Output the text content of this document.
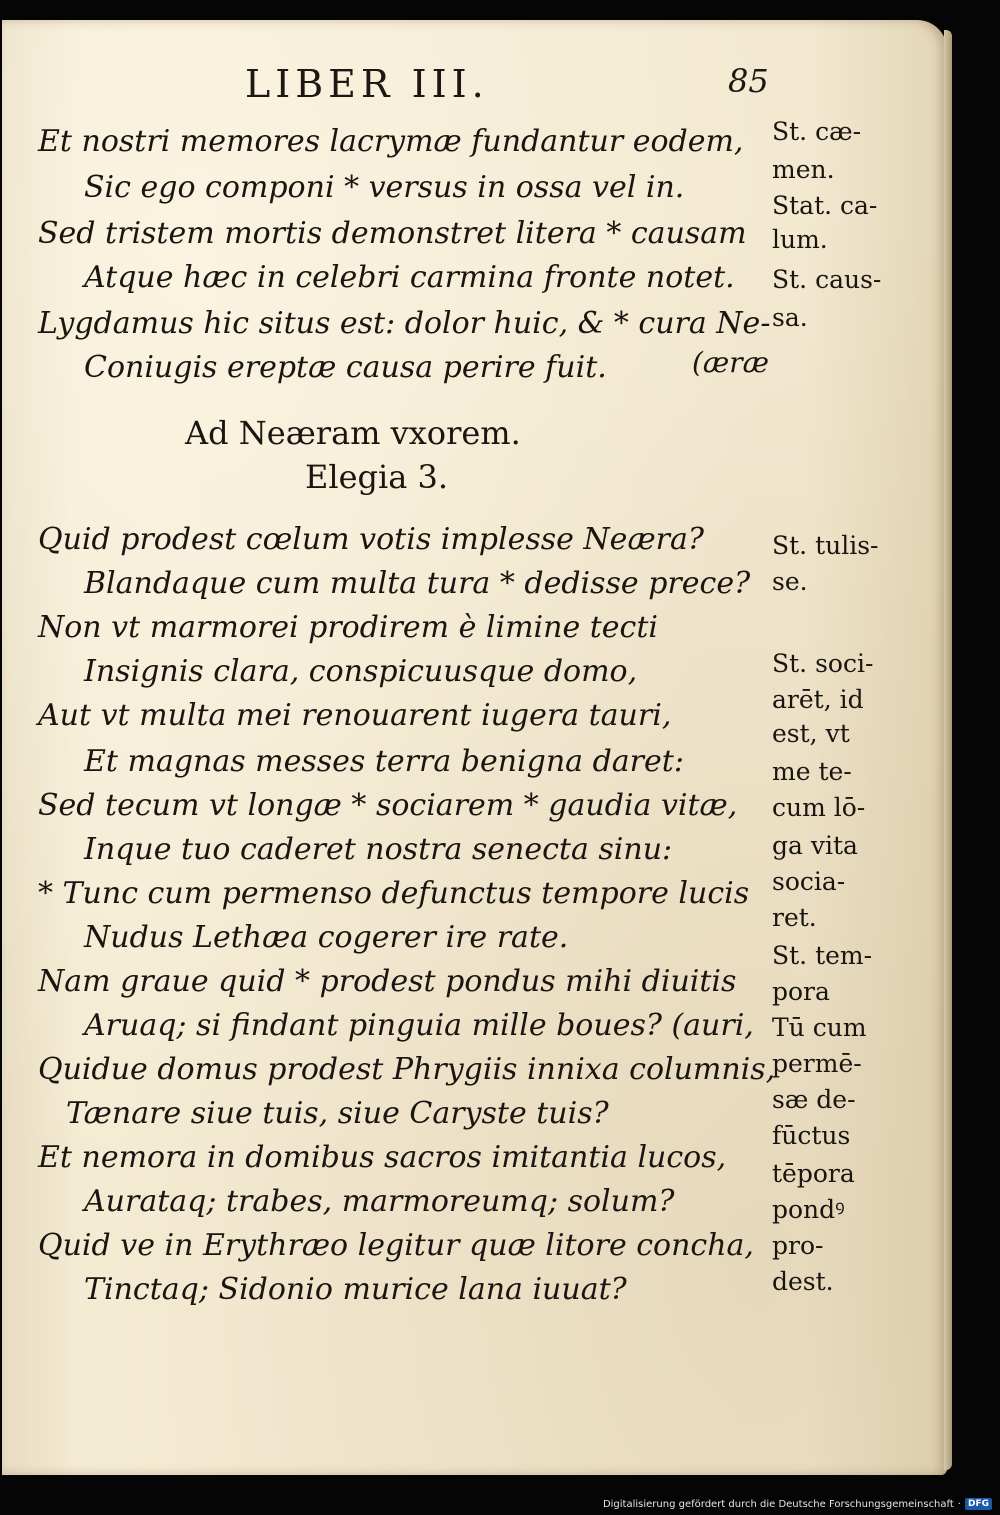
LIBER III.	85
Et nostri memores lacrymæ fundantur eodem,
Sic ego componi * versus in ossa vel in.
Sed tristem mortis demonstret litera * causam
Atque hæc in celebri carmina fronte notet.
Lygdamus hic situs est: dolor huic, & * cura Ne-
Coniugis ereptæ causa perire fuit.	(æræ
Ad Neæram vxorem.
Elegia 3.
Quid prodest cœlum votis implesse Neæra?
Blandaque cum multa tura * dedisse prece?
Non vt marmorei prodirem è limine tecti
Insignis clara, conspicuusque domo,
Aut vt multa mei renouarent iugera tauri,
Et magnas messes terra benigna daret:
Sed tecum vt longæ * sociarem * gaudia vitæ,
Inque tuo caderet nostra senecta sinu:
* Tunc cum permenso defunctus tempore lucis
Nudus Lethæa cogerer ire rate.
Nam graue quid * prodest pondus mihi diuitis
Aruaq; si findant pinguia mille boues? (auri,
Quidue domus prodest Phrygiis innixa columnis,
Tænare siue tuis, siue Caryste tuis?
Et nemora in domibus sacros imitantia lucos,
Aurataq; trabes, marmoreumq; solum?
Quid ve in Erythræo legitur quæ litore concha,
Tinctaq; Sidonio murice lana iuuat?
St. cæ-
men.
Stat. ca-
lum.
St. caus-
sa.
St. tulis-
se.
St. soci-
arēt, id
est, vt
me te-
cum lō-
ga vita
socia-
ret.
St. tem-
pora
Tū cum
permē-
sæ de-
fūctus
tēpora
pondꝰ
pro-
dest.
Digitalisierung gefördert durch die Deutsche Forschungsgemeinschaft · DFG
